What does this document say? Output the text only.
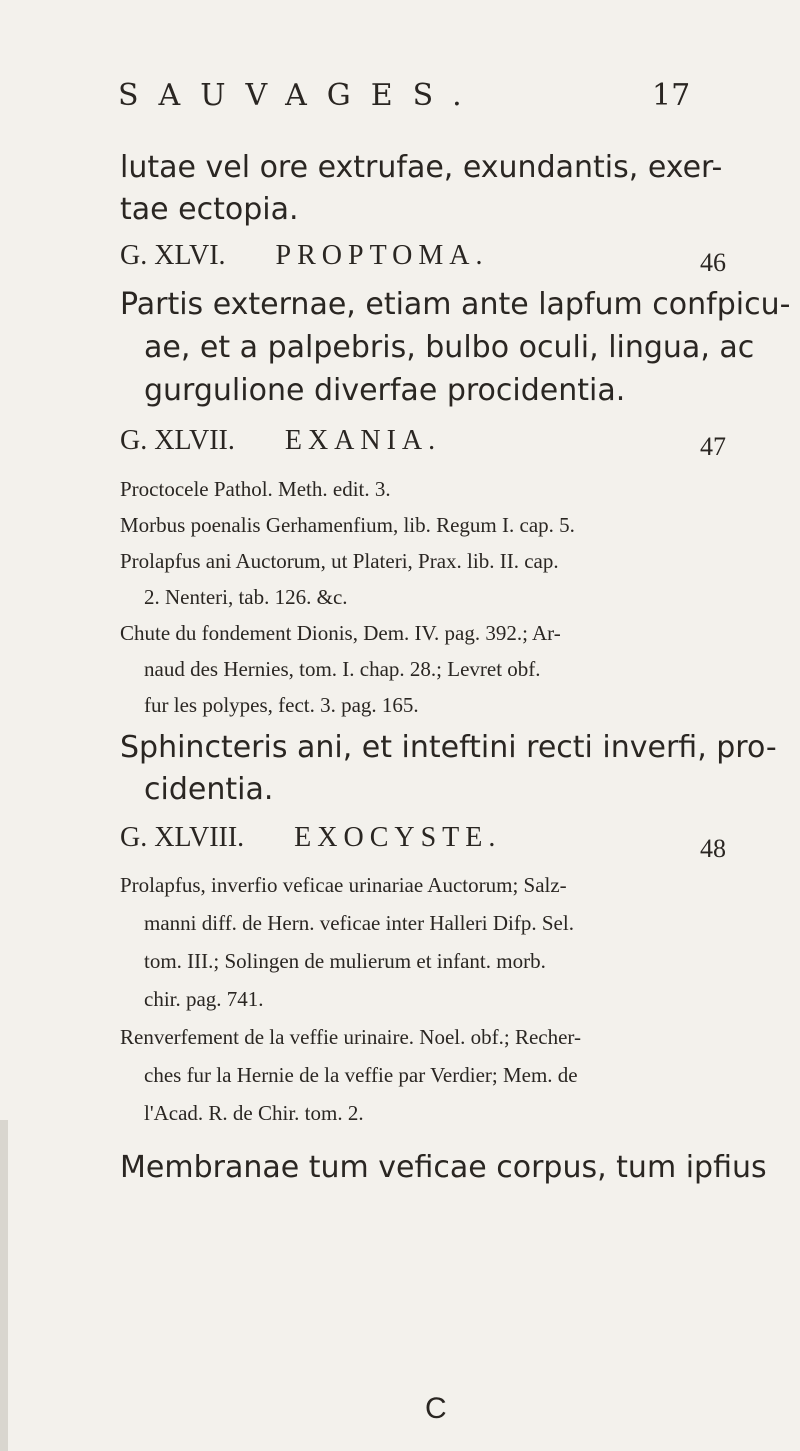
SAUVAGES.	17
lutae vel ore extrufae, exundantis, exer-
tae ectopia.
G. XLVI. PROPTOMA.	46
Partis externae, etiam ante lapfum confpicu-
ae, et a palpebris, bulbo oculi, lingua, ac
gurgulione diverfae procidentia.
G. XLVII. EXANIA.	47
Proctocele Pathol. Meth. edit. 3.
Morbus poenalis Gerhamenfium, lib. Regum I. cap. 5.
Prolapfus ani Auctorum, ut Plateri, Prax. lib. II. cap.
2. Nenteri, tab. 126. &c.
Chute du fondement Dionis, Dem. IV. pag. 392.; Ar-
naud des Hernies, tom. I. chap. 28.; Levret obf.
fur les polypes, fect. 3. pag. 165.
Sphincteris ani, et inteftini recti inverfi, pro-
cidentia.
G. XLVIII. EXOCYSTE.	48
Prolapfus, inverfio veficae urinariae Auctorum; Salz-
manni diff. de Hern. veficae inter Halleri Difp. Sel.
tom. III.; Solingen de mulierum et infant. morb.
chir. pag. 741.
Renverfement de la veffie urinaire. Noel. obf.; Recher-
ches fur la Hernie de la veffie par Verdier; Mem. de
l'Acad. R. de Chir. tom. 2.
Membranae tum veficae corpus, tum ipfius
C
